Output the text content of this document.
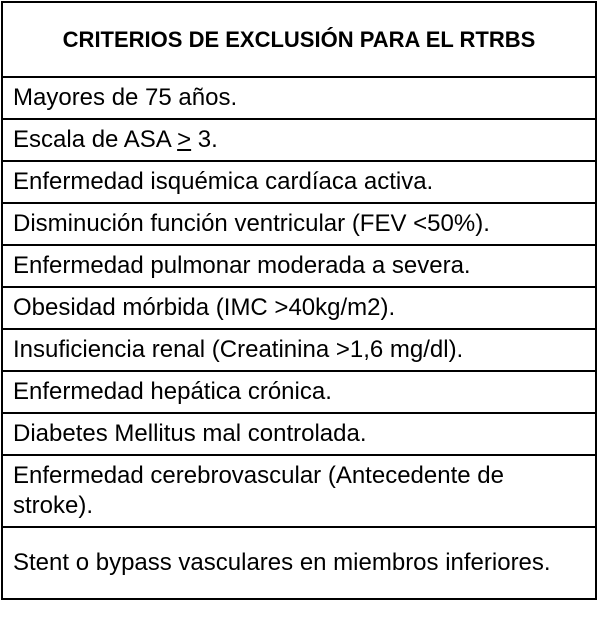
CRITERIOS DE EXCLUSIÓN PARA EL RTRBS
Mayores de 75 años.
Escala de ASA ≥ 3.
Enfermedad isquémica cardíaca activa.
Disminución función ventricular (FEV <50%).
Enfermedad pulmonar moderada a severa.
Obesidad mórbida (IMC >40kg/m2).
Insuficiencia renal (Creatinina >1,6 mg/dl).
Enfermedad hepática crónica.
Diabetes Mellitus mal controlada.
Enfermedad cerebrovascular (Antecedente de stroke).
Stent o bypass vasculares en miembros inferiores.
